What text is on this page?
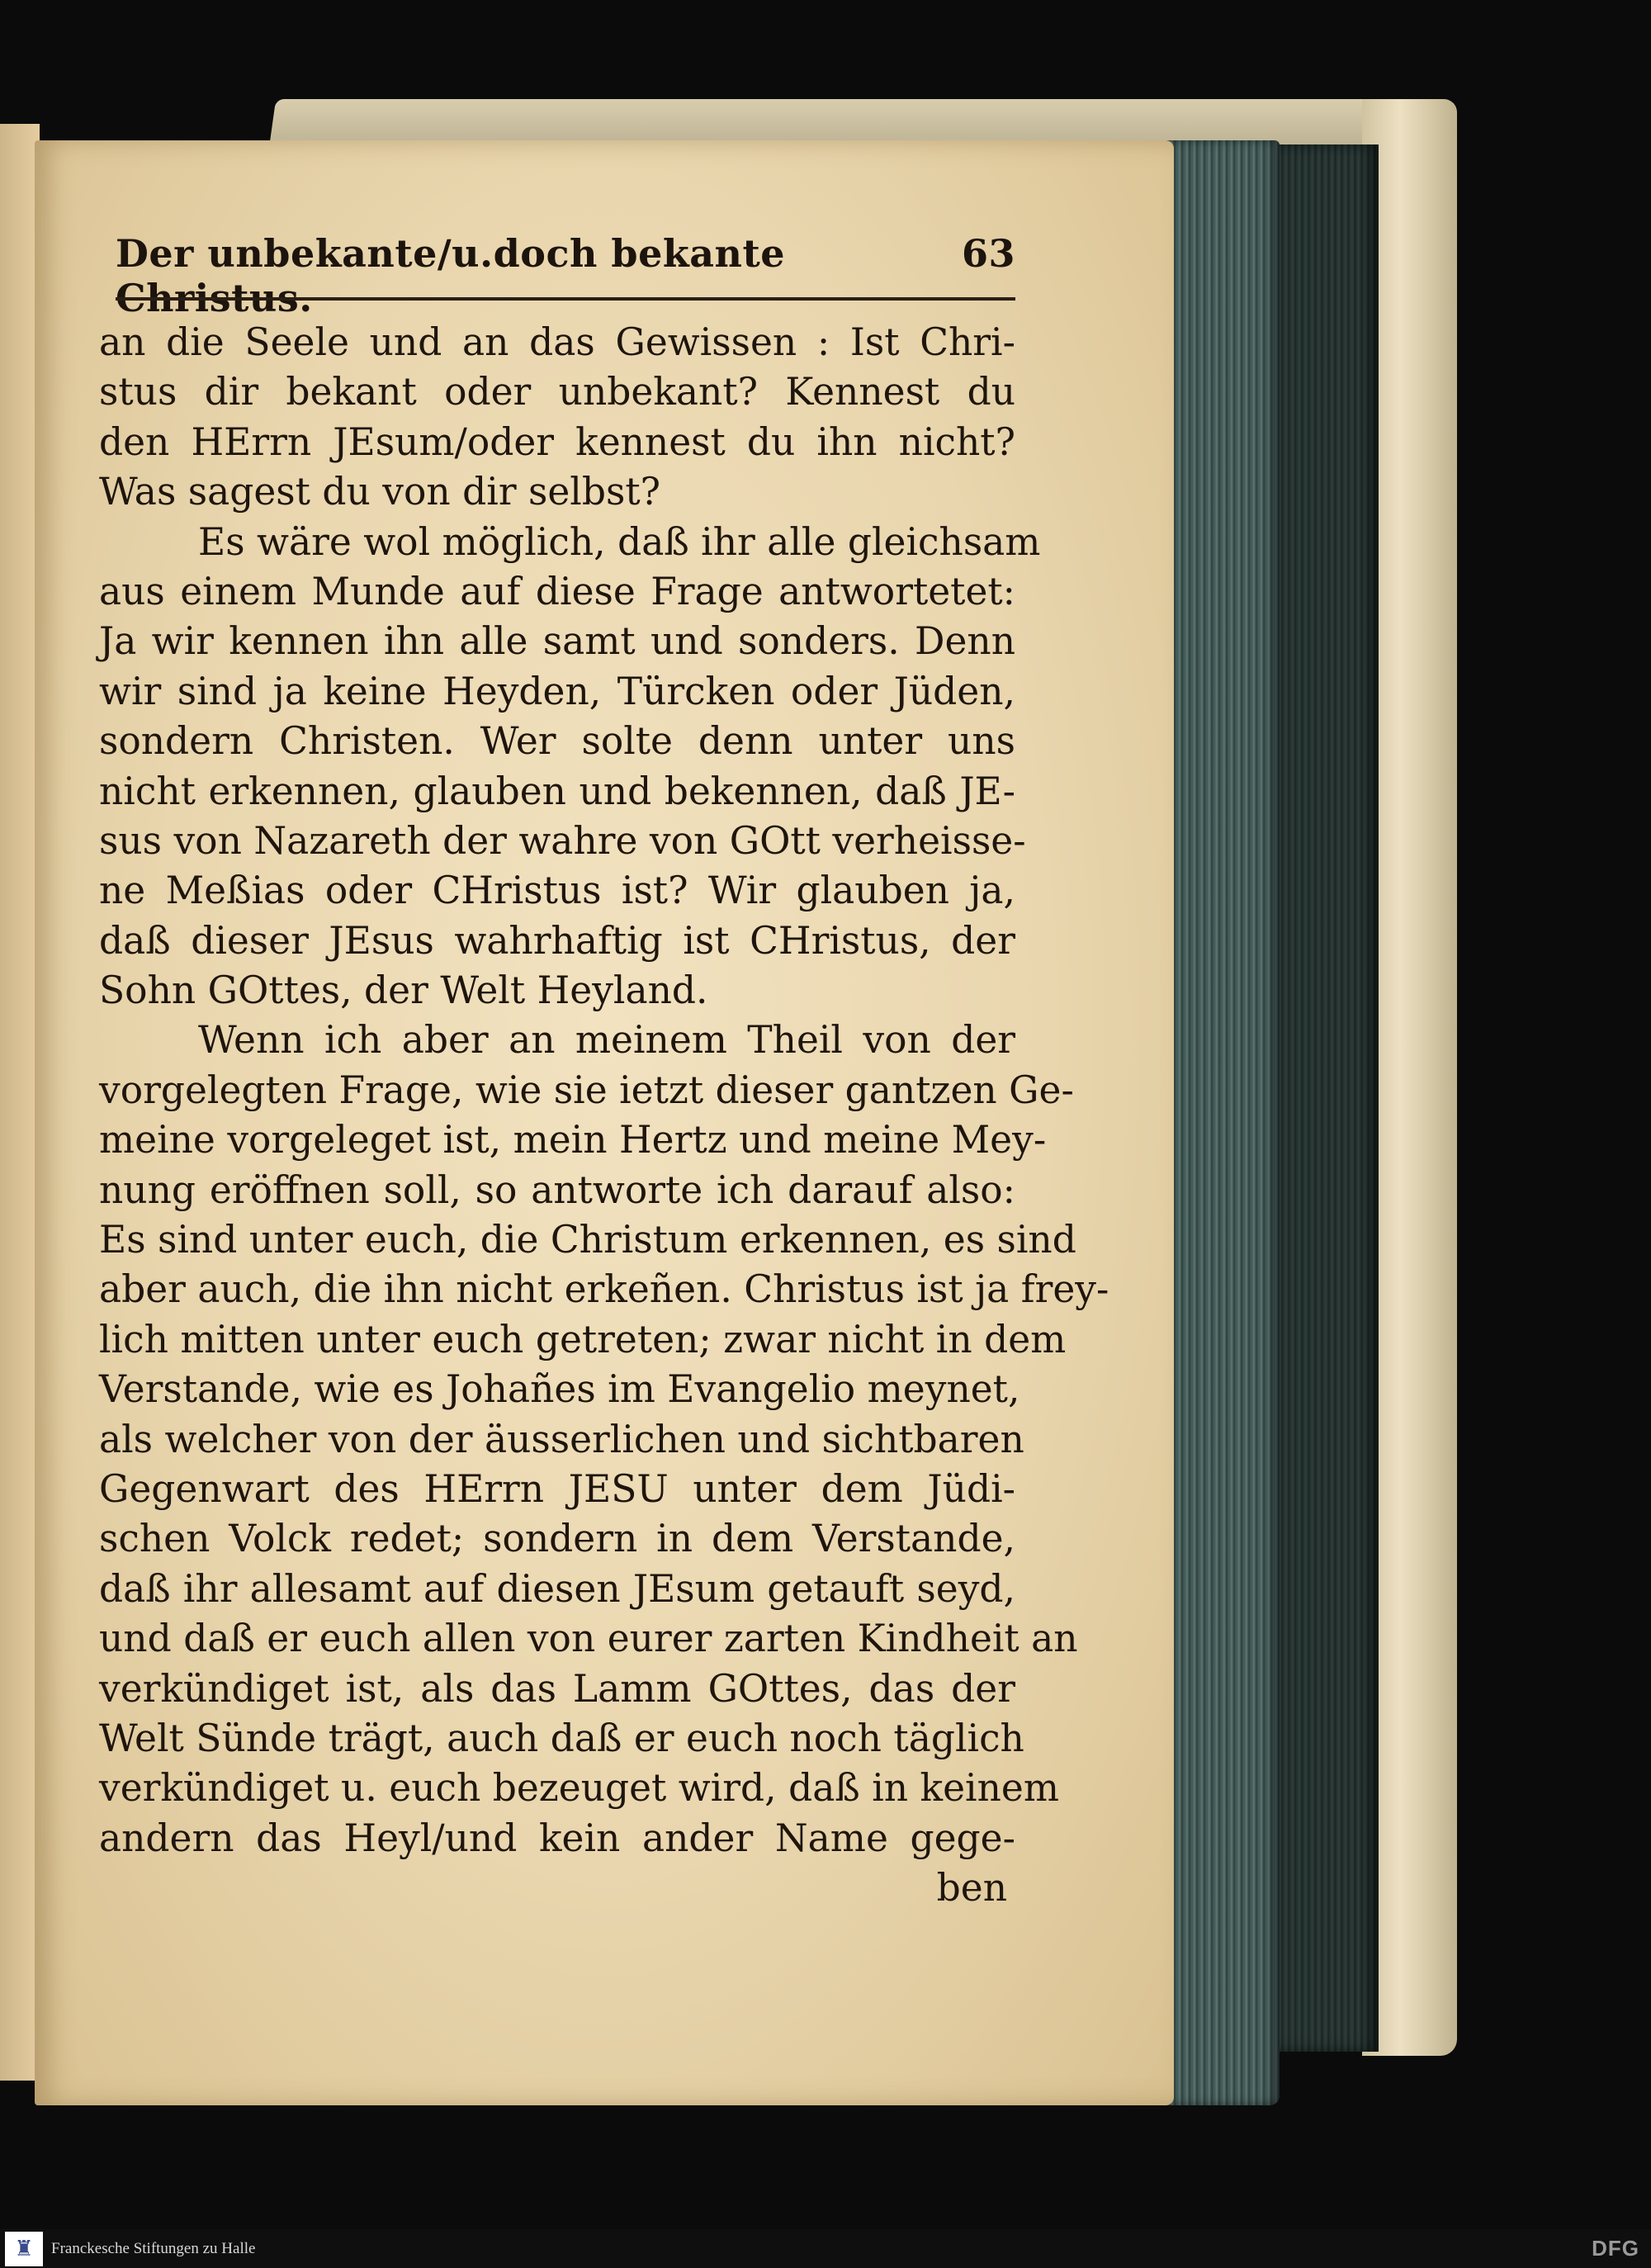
Der unbekante/u.doch bekante Christus.
63
an die Seele und an das Gewissen : Ist Chri-
stus dir bekant oder unbekant? Kennest du
den HErrn JEsum/oder kennest du ihn nicht?
Was sagest du von dir selbst?
Es wäre wol möglich, daß ihr alle gleichsam
aus einem Munde auf diese Frage antwortetet:
Ja wir kennen ihn alle samt und sonders. Denn
wir sind ja keine Heyden, Türcken oder Jüden,
sondern Christen. Wer solte denn unter uns
nicht erkennen, glauben und bekennen, daß JE-
sus von Nazareth der wahre von GOtt verheisse-
ne Meßias oder CHristus ist? Wir glauben ja,
daß dieser JEsus wahrhaftig ist CHristus, der
Sohn GOttes, der Welt Heyland.
Wenn ich aber an meinem Theil von der
vorgelegten Frage, wie sie ietzt dieser gantzen Ge-
meine vorgeleget ist, mein Hertz und meine Mey-
nung eröffnen soll, so antworte ich darauf also:
Es sind unter euch, die Christum erkennen, es sind
aber auch, die ihn nicht erkeñen. Christus ist ja frey-
lich mitten unter euch getreten; zwar nicht in dem
Verstande, wie es Johañes im Evangelio meynet,
als welcher von der äusserlichen und sichtbaren
Gegenwart des HErrn JESU unter dem Jüdi-
schen Volck redet; sondern in dem Verstande,
daß ihr allesamt auf diesen JEsum getauft seyd,
und daß er euch allen von eurer zarten Kindheit an
verkündiget ist, als das Lamm GOttes, das der
Welt Sünde trägt, auch daß er euch noch täglich
verkündiget u. euch bezeuget wird, daß in keinem
andern das Heyl/und kein ander Name gege-
ben
♜ Franckesche Stiftungen zu Halle	DFG
